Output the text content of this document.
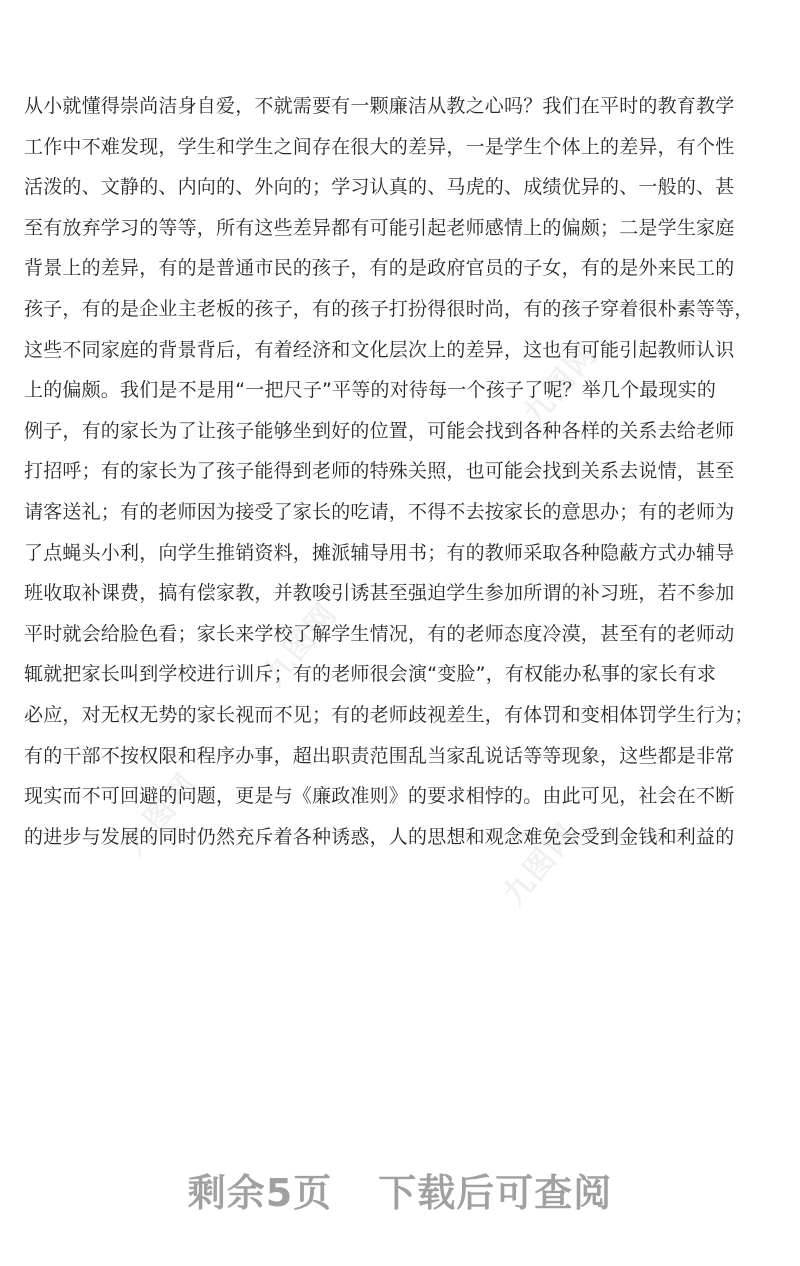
九图网
九图网
九图网
九图网
从小就懂得崇尚洁身自爱，不就需要有一颗廉洁从教之心吗？我们在平时的教育教学
工作中不难发现，学生和学生之间存在很大的差异，一是学生个体上的差异，有个性
活泼的、文静的、内向的、外向的；学习认真的、马虎的、成绩优异的、一般的、甚
至有放弃学习的等等，所有这些差异都有可能引起老师感情上的偏颇；二是学生家庭
背景上的差异，有的是普通市民的孩子，有的是政府官员的子女，有的是外来民工的
孩子，有的是企业主老板的孩子，有的孩子打扮得很时尚，有的孩子穿着很朴素等等，
这些不同家庭的背景背后，有着经济和文化层次上的差异，这也有可能引起教师认识
上的偏颇。我们是不是用“一把尺子”平等的对待每一个孩子了呢？举几个最现实的
例子，有的家长为了让孩子能够坐到好的位置，可能会找到各种各样的关系去给老师
打招呼；有的家长为了孩子能得到老师的特殊关照，也可能会找到关系去说情，甚至
请客送礼；有的老师因为接受了家长的吃请，不得不去按家长的意思办；有的老师为
了点蝇头小利，向学生推销资料，摊派辅导用书；有的教师采取各种隐蔽方式办辅导
班收取补课费，搞有偿家教，并教唆引诱甚至强迫学生参加所谓的补习班，若不参加
平时就会给脸色看；家长来学校了解学生情况，有的老师态度冷漠，甚至有的老师动
辄就把家长叫到学校进行训斥；有的老师很会演“变脸”，有权能办私事的家长有求
必应，对无权无势的家长视而不见；有的老师歧视差生，有体罚和变相体罚学生行为；
有的干部不按权限和程序办事，超出职责范围乱当家乱说话等等现象，这些都是非常
现实而不可回避的问题，更是与《廉政准则》的要求相悖的。由此可见，社会在不断
的进步与发展的同时仍然充斥着各种诱惑，人的思想和观念难免会受到金钱和利益的
剩余5页 下载后可查阅
